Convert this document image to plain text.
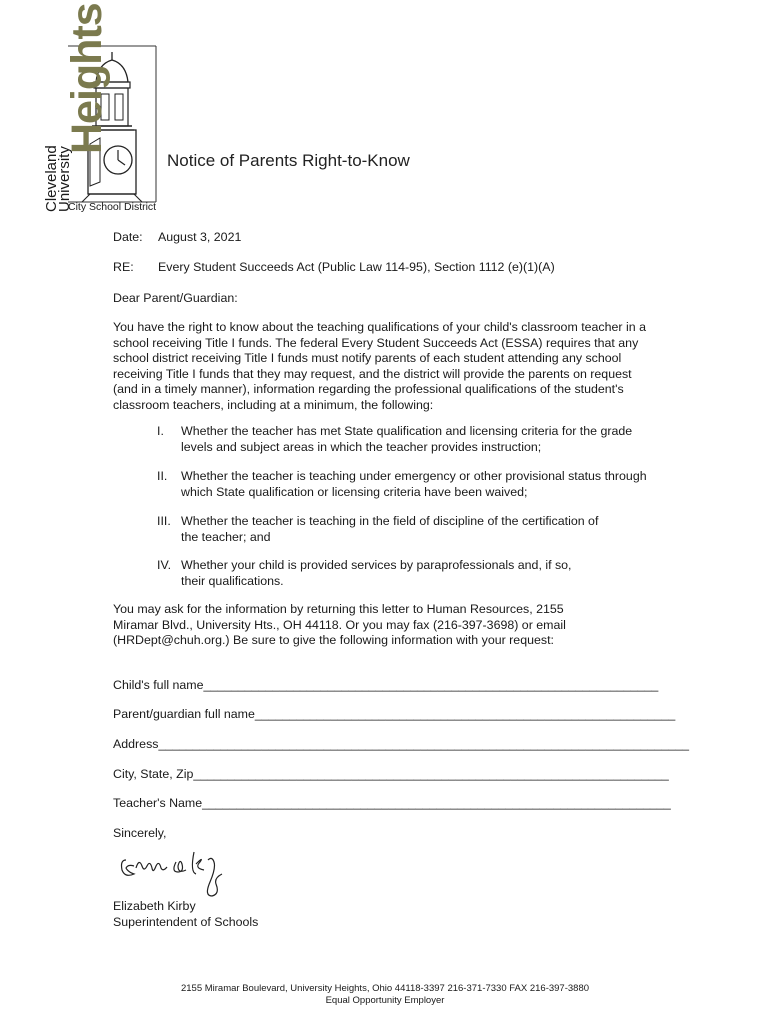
Heights
Cleveland
University
City School District
Notice of Parents Right-to-Know
Date: August 3, 2021
RE: Every Student Succeeds Act (Public Law 114-95), Section 1112 (e)(1)(A)
Dear Parent/Guardian:
You have the right to know about the teaching qualifications of your child's classroom teacher in a
school receiving Title I funds. The federal Every Student Succeeds Act (ESSA) requires that any
school district receiving Title I funds must notify parents of each student attending any school
receiving Title I funds that they may request, and the district will provide the parents on request
(and in a timely manner), information regarding the professional qualifications of the student's
classroom teachers, including at a minimum, the following:
I.	Whether the teacher has met State qualification and licensing criteria for the grade
levels and subject areas in which the teacher provides instruction;
II.	Whether the teacher is teaching under emergency or other provisional status through
which State qualification or licensing criteria have been waived;
III. Whether the teacher is teaching in the field of discipline of the certification of
the teacher; and
IV. Whether your child is provided services by paraprofessionals and, if so,
their qualifications.
You may ask for the information by returning this letter to Human Resources, 2155
Miramar Blvd., University Hts., OH 44118. Or you may fax (216-397-3698) or email
(HRDept@chuh.org.) Be sure to give the following information with your request:
Child's full name__________________________________________________________________
Parent/guardian full name_____________________________________________________________
Address_____________________________________________________________________________
City, State, Zip_____________________________________________________________________
Teacher's Name____________________________________________________________________
Sincerely,
Elizabeth Kirby
Superintendent of Schools
2155 Miramar Boulevard, University Heights, Ohio 44118-3397 216-371-7330 FAX 216-397-3880
Equal Opportunity Employer
